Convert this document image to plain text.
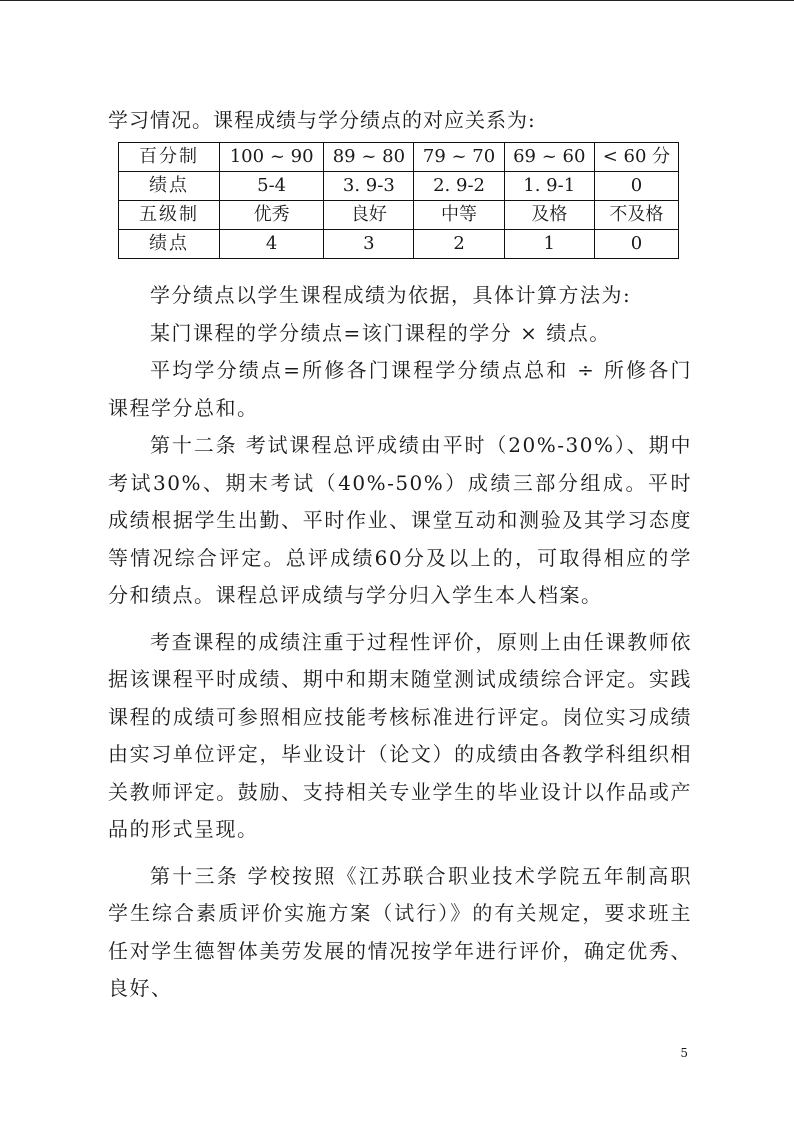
学习情况。课程成绩与学分绩点的对应关系为:

百分制	100 ~ 90	89 ~ 80	79 ~ 70	69 ~ 60	< 60 分
绩点	5-4	3. 9-3	2. 9-2	1. 9-1	0
五级制	优秀	良好	中等	及格	不及格
绩点	4	3	2	1	0

学分绩点以学生课程成绩为依据，具体计算方法为:

某门课程的学分绩点=该门课程的学分 × 绩点。

平均学分绩点=所修各门课程学分绩点总和 ÷ 所修各门课程学分总和。

第十二条 考试课程总评成绩由平时（20%-30%）、期中考试30%、期末考试（40%-50%）成绩三部分组成。平时成绩根据学生出勤、平时作业、课堂互动和测验及其学习态度等情况综合评定。总评成绩60分及以上的，可取得相应的学分和绩点。课程总评成绩与学分归入学生本人档案。

考查课程的成绩注重于过程性评价，原则上由任课教师依据该课程平时成绩、期中和期末随堂测试成绩综合评定。实践课程的成绩可参照相应技能考核标准进行评定。岗位实习成绩由实习单位评定，毕业设计（论文）的成绩由各教学科组织相关教师评定。鼓励、支持相关专业学生的毕业设计以作品或产品的形式呈现。

第十三条 学校按照《江苏联合职业技术学院五年制高职学生综合素质评价实施方案（试行）》的有关规定，要求班主任对学生德智体美劳发展的情况按学年进行评价，确定优秀、良好、

5
